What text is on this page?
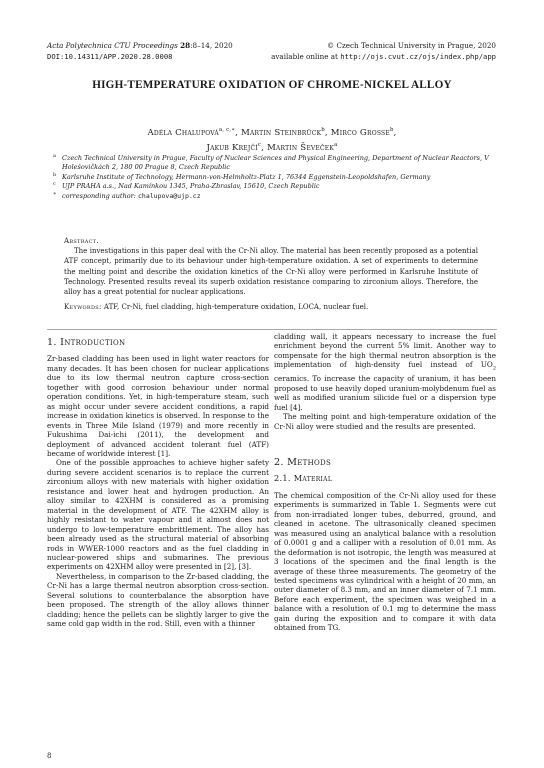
Acta Polytechnica CTU Proceedings 28:8–14, 2020
DOI:10.14311/APP.2020.28.0008
© Czech Technical University in Prague, 2020
available online at http://ojs.cvut.cz/ojs/index.php/app
HIGH-TEMPERATURE OXIDATION OF CHROME-NICKEL ALLOY
Adéla Chalupová$^{a, c,∗}$, Martin Steinbrück$^b$, Mirco Grosse$^b$,
Jakub Krejčí$^c$, Martin Ševeček$^a$
a Czech Technical University in Prague, Faculty of Nuclear Sciences and Physical Engineering, Department of Nuclear Reactors, V Holešovičkách 2, 180 00 Prague 8, Czech Republic
b Karlsruhe Institute of Technology, Hermann-von-Helmholtz-Platz 1, 76344 Eggenstein-Leopoldshafen, Germany
c UJP PRAHA a.s., Nad Kamínkou 1345, Praha-Zbraslav, 15610, Czech Republic
∗ corresponding author: chalupova@ujp.cz
Abstract.

The investigations in this paper deal with the Cr-Ni alloy. The material has been recently proposed as a potential ATF concept, primarily due to its behaviour under high-temperature oxidation. A set of experiments to determine the melting point and describe the oxidation kinetics of the Cr-Ni alloy were performed in Karlsruhe Institute of Technology. Presented results reveal its superb oxidation resistance comparing to zirconium alloys. Therefore, the alloy has a great potential for nuclear applications.

Keywords: ATF, Cr-Ni, fuel cladding, high-temperature oxidation, LOCA, nuclear fuel.

1. Introduction

Zr-based cladding has been used in light water reactors for many decades. It has been chosen for nuclear applications due to its low thermal neutron capture cross-section together with good corrosion behaviour under normal operation conditions. Yet, in high-temperature steam, such as might occur under severe accident conditions, a rapid increase in oxidation kinetics is observed. In response to the events in Three Mile Island (1979) and more recently in Fukushima Dai-ichi (2011), the development and deployment of advanced accident tolerant fuel (ATF) became of worldwide interest [1].

One of the possible approaches to achieve higher safety during severe accident scenarios is to replace the current zirconium alloys with new materials with higher oxidation resistance and lower heat and hydrogen production. An alloy similar to 42XHM is considered as a promising material in the development of ATF. The 42XHM alloy is highly resistant to water vapour and it almost does not undergo to low-temperature embrittlement. The alloy has been already used as the structural material of absorbing rods in WWER-1000 reactors and as the fuel cladding in nuclear-powered ships and submarines. The previous experiments on 42XHM alloy were presented in [2], [3].

Nevertheless, in comparison to the Zr-based cladding, the Cr-Ni has a large thermal neutron absorption cross-section. Several solutions to counterbalance the absorption have been proposed. The strength of the alloy allows thinner cladding; hence the pellets can be slightly larger to give the same cold gap width in the rod. Still, even with a thinner

cladding wall, it appears necessary to increase the fuel enrichment beyond the current 5% limit. Another way to compensate for the high thermal neutron absorption is the implementation of high-density fuel instead of $UO_2$ ceramics. To increase the capacity of uranium, it has been proposed to use heavily doped uranium-molybdenum fuel as well as modified uranium silicide fuel or a dispersion type fuel [4].

The melting point and high-temperature oxidation of the Cr-Ni alloy were studied and the results are presented.

2. Methods
2.1. Material

The chemical composition of the Cr-Ni alloy used for these experiments is summarized in Table 1. Segments were cut from non-irradiated longer tubes, deburred, ground, and cleaned in acetone. The ultrasonically cleaned specimen was measured using an analytical balance with a resolution of 0.0001 g and a calliper with a resolution of 0.01 mm. As the deformation is not isotropic, the length was measured at 3 locations of the specimen and the final length is the average of these three measurements. The geometry of the tested specimens was cylindrical with a height of 20 mm, an outer diameter of 8.3 mm, and an inner diameter of 7.1 mm. Before each experiment, the specimen was weighed in a balance with a resolution of 0.1 mg to determine the mass gain during the exposition and to compare it with data obtained from TG.

8
